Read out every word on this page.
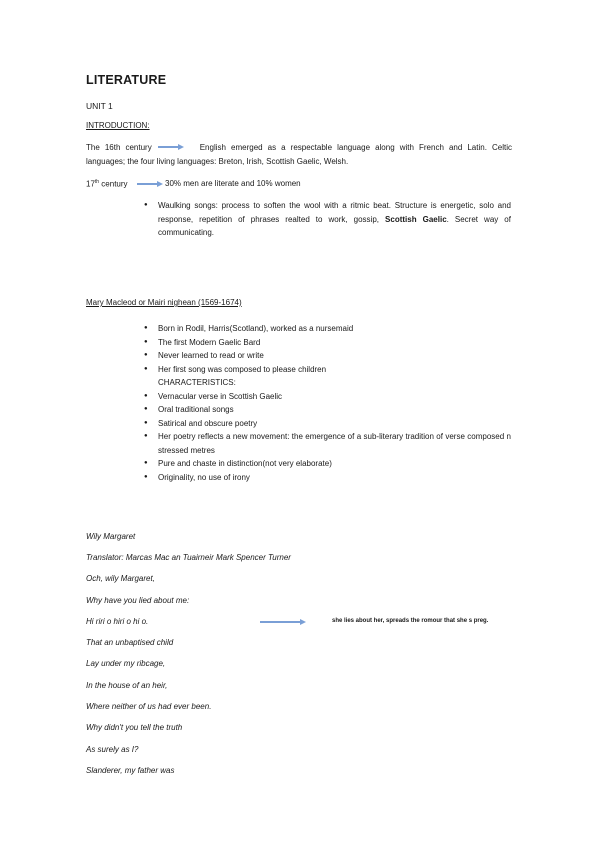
LITERATURE
UNIT 1
INTRODUCTION:
The 16th century	English emerged as a respectable language along with French and Latin. Celtic languages; the four living languages: Breton, Irish, Scottish Gaelic, Welsh.
17th century	30% men are literate and 10% women
● Waulking songs: process to soften the wool with a ritmic beat. Structure is energetic, solo and response, repetition of phrases realted to work, gossip, Scottish Gaelic. Secret way of communicating.
Mary Macleod or Mairi nighean (1569-1674)
● Born in Rodil, Harris(Scotland), worked as a nursemaid
● The first Modern Gaelic Bard
● Never learned to read or write
● Her first song was composed to please children
CHARACTERISTICS:
● Vernacular verse in Scottish Gaelic
● Oral traditional songs
● Satirical and obscure poetry
● Her poetry reflects a new movement: the emergence of a sub-literary tradition of verse composed n stressed metres
● Pure and chaste in distinction(not very elaborate)
● Originality, no use of irony
Wily Margaret
Translator: Marcas Mac an Tuairneir Mark Spencer Turner
Och, wily Margaret,
Why have you lied about me:
Hi riri o hiri o hi o.	she lies about her, spreads the romour that she s preg.
That an unbaptised child
Lay under my ribcage,
In the house of an heir,
Where neither of us had ever been.
Why didn't you tell the truth
As surely as I?
Slanderer, my father was
